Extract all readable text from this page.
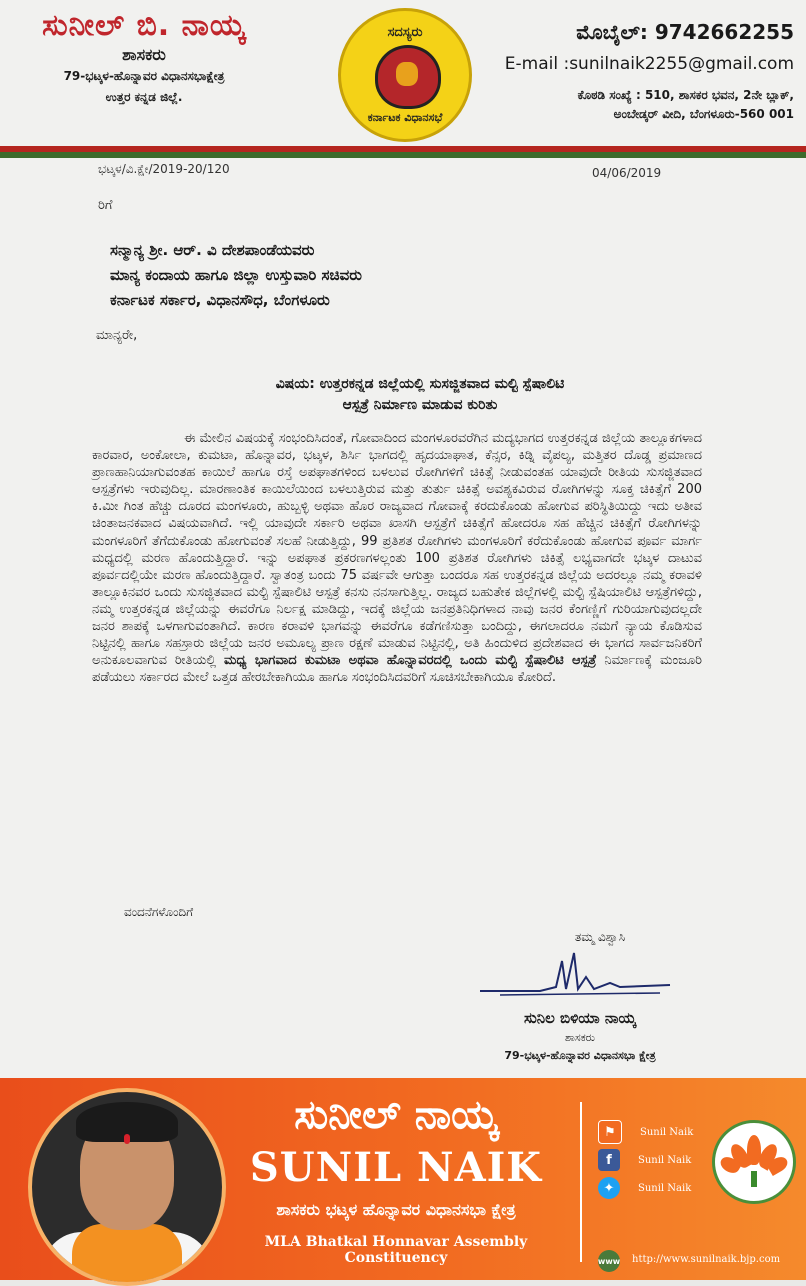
ಸುನೀಲ್ ಬಿ. ನಾಯ್ಕ
ಶಾಸಕರು
79-ಭಟ್ಕಳ-ಹೊನ್ನಾವರ ವಿಧಾನಸಭಾಕ್ಷೇತ್ರ
ಉತ್ತರ ಕನ್ನಡ ಜಿಲ್ಲೆ.
ಸದಸ್ಯರು
ಕರ್ನಾಟಕ ವಿಧಾನಸಭೆ
ಮೊಬೈಲ್: 9742662255
E-mail :sunilnaik2255@gmail.com
ಕೊಠಡಿ ಸಂಖ್ಯೆ : 510, ಶಾಸಕರ ಭವನ, 2ನೇ ಬ್ಲಾಕ್,
ಅಂಬೇಡ್ಕರ್ ವೀದಿ, ಬೆಂಗಳೂರು-560 001
ಭಟ್ಕಳ/ವಿ.ಕ್ಷೇ/2019-20/120	04/06/2019
ರಿಗೆ
ಸನ್ಮಾನ್ಯ ಶ್ರೀ. ಆರ್. ವಿ ದೇಶಪಾಂಡೆಯವರು
ಮಾನ್ಯ ಕಂದಾಯ ಹಾಗೂ ಜಿಲ್ಲಾ ಉಸ್ತುವಾರಿ ಸಚಿವರು
ಕರ್ನಾಟಕ ಸರ್ಕಾರ, ವಿಧಾನಸೌಧ, ಬೆಂಗಳೂರು
ಮಾನ್ಯರೇ,
ವಿಷಯ: ಉತ್ತರಕನ್ನಡ ಜಿಲ್ಲೆಯಲ್ಲಿ ಸುಸಜ್ಜಿತವಾದ ಮಲ್ಟಿ ಸ್ಪೆಷಾಲಿಟಿ
ಆಸ್ಪತ್ರೆ ನಿರ್ಮಾಣ ಮಾಡುವ ಕುರಿತು
ಈ ಮೇಲಿನ ವಿಷಯಕ್ಕೆ ಸಂಭಂದಿಸಿದಂತೆ, ಗೋವಾದಿಂದ ಮಂಗಳೂರವರೆಗಿನ ಮದ್ಯಭಾಗದ ಉತ್ತರಕನ್ನಡ ಜಿಲ್ಲೆಯ ತಾಲ್ಲೂಕಗಳಾದ ಕಾರವಾರ, ಅಂಕೋಲಾ, ಕುಮಟಾ, ಹೊನ್ನಾವರ, ಭಟ್ಕಳ, ಶಿರ್ಸಿ ಭಾಗದಲ್ಲಿ ಹೃದಯಾಘಾತ, ಕೆನ್ಸರ, ಕಿಡ್ನಿ ವೈಪಲ್ಯ, ಮತ್ತಿತರ ದೊಡ್ಡ ಪ್ರಮಾಣದ ಪ್ರಾಣಹಾನಿಯಾಗುವಂತಹ ಕಾಯಿಲೆ ಹಾಗೂ ರಸ್ತೆ ಅಪಘಾತಗಳಿಂದ ಬಳಲುವ ರೋಗಿಗಳಿಗೆ ಚಿಕಿತ್ಸೆ ನೀಡುವಂತಹ ಯಾವುದೇ ರೀತಿಯ ಸುಸಜ್ಜಿತವಾದ ಆಸ್ಪತ್ರೆಗಳು ಇರುವುದಿಲ್ಲ. ಮಾರಣಾಂತಿಕ ಕಾಯಿಲೆಯಿಂದ ಬಳಲುತ್ತಿರುವ ಮತ್ತು ತುರ್ತು ಚಿಕಿತ್ಸೆ ಅವಶ್ಯಕವಿರುವ ರೋಗಿಗಳನ್ನು ಸೂಕ್ತ ಚಿಕಿತ್ಸೆಗೆ 200 ಕಿ.ಮೀ ಗಿಂತ ಹೆಚ್ಚು ದೂರದ ಮಂಗಳೂರು, ಹುಬ್ಬಳ್ಳಿ ಅಥವಾ ಹೊರ ರಾಜ್ಯವಾದ ಗೋವಾಕ್ಕೆ ಕರದುಕೊಂಡು ಹೋಗುವ ಪರಿಸ್ಥಿತಿಯಿದ್ದು ಇದು ಅತೀವ ಚಿಂತಾಜನಕವಾದ ವಿಷಯವಾಗಿದೆ. ಇಲ್ಲಿ ಯಾವುದೇ ಸರ್ಕಾರಿ ಅಥವಾ ಖಾಸಗಿ ಆಸ್ಪತ್ರೆಗೆ ಚಿಕಿತ್ಸೆಗೆ ಹೋದರೂ ಸಹ ಹೆಚ್ಚಿನ ಚಿಕಿತ್ಸೆಗೆ ರೋಗಿಗಳನ್ನು ಮಂಗಳೂರಿಗೆ ತೆಗೆದುಕೊಂಡು ಹೋಗುವಂತೆ ಸಲಹೆ ನೀಡುತ್ತಿದ್ದು, 99 ಪ್ರತಿಶತ ರೋಗಿಗಳು ಮಂಗಳೂರಿಗೆ ಕರೆದುಕೊಂಡು ಹೋಗುವ ಪೂರ್ವ ಮಾರ್ಗ ಮಧ್ಯದಲ್ಲಿ ಮರಣ ಹೊಂದುತ್ತಿದ್ದಾರೆ. ಇನ್ನು ಅಪಘಾತ ಪ್ರಕರಣಗಳಲ್ಲಂತು 100 ಪ್ರತಿಶತ ರೋಗಿಗಳು ಚಿಕಿತ್ಸೆ ಲಭ್ಯವಾಗದೇ ಭಟ್ಕಳ ದಾಟುವ ಪೂರ್ವದಲ್ಲಿಯೇ ಮರಣ ಹೊಂದುತ್ತಿದ್ದಾರೆ. ಸ್ವಾತಂತ್ರ ಬಂದು 75 ವರ್ಷವೇ ಆಗುತ್ತಾ ಬಂದರೂ ಸಹ ಉತ್ತರಕನ್ನಡ ಜಿಲ್ಲೆಯ ಅದರಲ್ಲೂ ನಮ್ಮ ಕರಾವಳಿ ತಾಲ್ಲೂಕಿನವರ ಒಂದು ಸುಸಜ್ಜಿತವಾದ ಮಲ್ಟಿ ಸ್ಪೆಷಾಲಿಟಿ ಆಸ್ಪತ್ರೆ ಕನಸು ನನಸಾಗುತ್ತಿಲ್ಲ. ರಾಜ್ಯದ ಬಹುತೇಕ ಜಿಲ್ಲೆಗಳಲ್ಲಿ ಮಲ್ಟಿ ಸ್ಪೆಷಿಯಾಲಿಟಿ ಆಸ್ಪತ್ರೆಗಳಿದ್ದು, ನಮ್ಮ ಉತ್ತರಕನ್ನಡ ಜಿಲ್ಲೆಯನ್ನು ಈವರೆಗೂ ನಿರ್ಲಕ್ಷ ಮಾಡಿದ್ದು, ಇದಕ್ಕೆ ಜಿಲ್ಲೆಯ ಜನಪ್ರತಿನಿಧಿಗಳಾದ ನಾವು ಜನರ ಕೆಂಗಣ್ಣಿಗೆ ಗುರಿಯಾಗುವುದಲ್ಲದೇ ಜನರ ಶಾಪಕ್ಕೆ ಒಳಗಾಗುವಂತಾಗಿದೆ. ಕಾರಣ ಕರಾವಳಿ ಭಾಗವನ್ನು ಈವರೆಗೂ ಕಡೆಗಣಿಸುತ್ತಾ ಬಂದಿದ್ದು, ಈಗಲಾದರೂ ನಮಗೆ ನ್ಯಾಯ ಕೊಡಿಸುವ ನಿಟ್ಟಿನಲ್ಲಿ ಹಾಗೂ ಸಹಸ್ರಾರು ಜಿಲ್ಲೆಯ ಜನರ ಅಮೂಲ್ಯ ಪ್ರಾಣ ರಕ್ಷಣೆ ಮಾಡುವ ನಿಟ್ಟಿನಲ್ಲಿ, ಅತಿ ಹಿಂದುಳಿದ ಪ್ರದೇಶವಾದ ಈ ಭಾಗದ ಸಾರ್ವಜನಿಕರಿಗೆ ಅನುಕೂಲವಾಗುವ ರೀತಿಯಲ್ಲಿ ಮಧ್ಯ ಭಾಗವಾದ ಕುಮಟಾ ಅಥವಾ ಹೊನ್ನಾವರದಲ್ಲಿ ಒಂದು ಮಲ್ಟಿ ಸ್ಪೆಷಾಲಿಟಿ ಆಸ್ಪತ್ರೆ ನಿರ್ಮಾಣಕ್ಕೆ ಮಂಜೂರಿ ಪಡೆಯಲು ಸರ್ಕಾರದ ಮೇಲೆ ಒತ್ತಡ ಹೇರಬೇಕಾಗಿಯೂ ಹಾಗೂ ಸಂಭಂದಿಸಿದವರಿಗೆ ಸೂಚಿಸಬೇಕಾಗಿಯೂ ಕೋರಿದೆ.
ವಂದನೆಗಳೊಂದಿಗೆ
ತಮ್ಮ ವಿಶ್ವಾಸಿ
ಸುನಿಲ ಬಿಳಿಯಾ ನಾಯ್ಕ
ಶಾಸಕರು
79-ಭಟ್ಕಳ-ಹೊನ್ನಾವರ ವಿಧಾನಸಭಾ ಕ್ಷೇತ್ರ
ಸುನೀಲ್ ನಾಯ್ಕ
SUNIL NAIK
ಶಾಸಕರು ಭಟ್ಕಳ ಹೊನ್ನಾವರ ವಿಧಾನಸಭಾ ಕ್ಷೇತ್ರ
MLA Bhatkal Honnavar Assembly Constituency
⚑	Sunil Naik
f	Sunil Naik
✦	Sunil Naik
www http://www.sunilnaik.bjp.com
